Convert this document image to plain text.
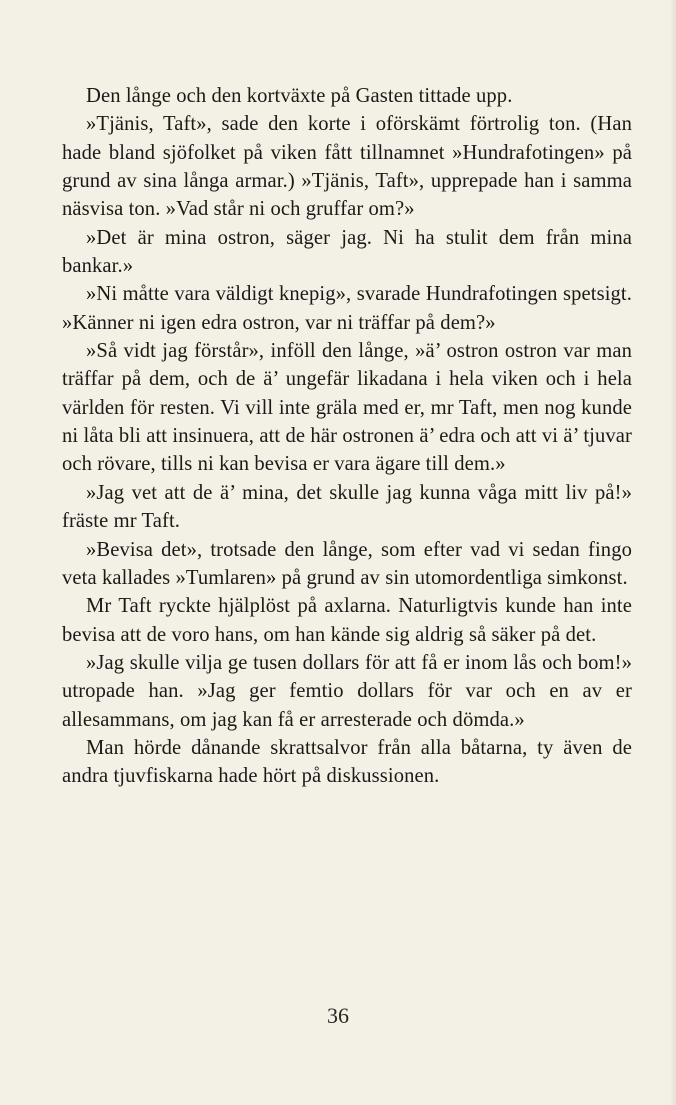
Den långe och den kortväxte på Gasten tittade upp.

»Tjänis, Taft», sade den korte i oförskämt förtrolig ton. (Han hade bland sjöfolket på viken fått tillnamnet »Hundrafotingen» på grund av sina långa armar.) »Tjänis, Taft», upprepade han i samma näsvisa ton. »Vad står ni och gruffar om?»

»Det är mina ostron, säger jag. Ni ha stulit dem från mina bankar.»

»Ni måtte vara väldigt knepig», svarade Hundrafotingen spetsigt. »Känner ni igen edra ostron, var ni träffar på dem?»

»Så vidt jag förstår», inföll den långe, »ä’ ostron ostron var man träffar på dem, och de ä’ ungefär likadana i hela viken och i hela världen för resten. Vi vill inte gräla med er, mr Taft, men nog kunde ni låta bli att insinuera, att de här ostronen ä’ edra och att vi ä’ tjuvar och rövare, tills ni kan bevisa er vara ägare till dem.»

»Jag vet att de ä’ mina, det skulle jag kunna våga mitt liv på!» fräste mr Taft.

»Bevisa det», trotsade den långe, som efter vad vi sedan fingo veta kallades »Tumlaren» på grund av sin utomordentliga simkonst.

Mr Taft ryckte hjälplöst på axlarna. Naturligtvis kunde han inte bevisa att de voro hans, om han kände sig aldrig så säker på det.

»Jag skulle vilja ge tusen dollars för att få er inom lås och bom!» utropade han. »Jag ger femtio dollars för var och en av er allesammans, om jag kan få er arresterade och dömda.»

Man hörde dånande skrattsalvor från alla båtarna, ty även de andra tjuvfiskarna hade hört på diskussionen.

36
